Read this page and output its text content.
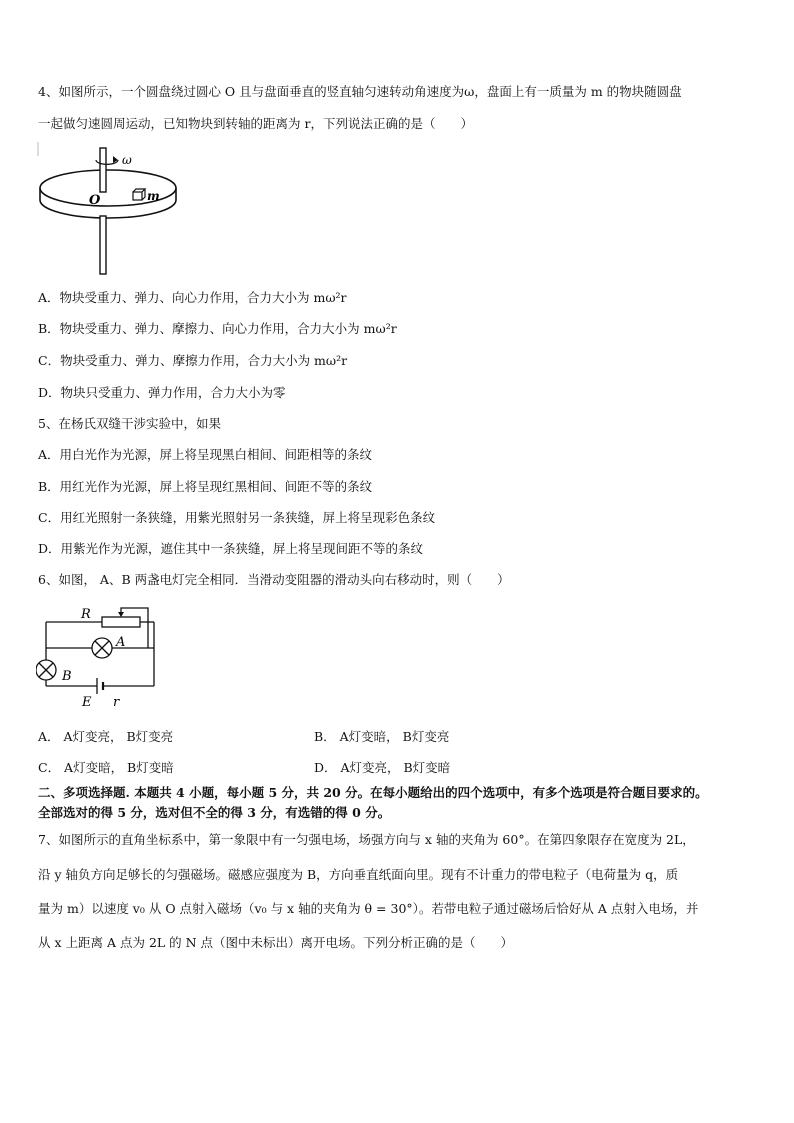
4、如图所示，一个圆盘绕过圆心 O 且与盘面垂直的竖直轴匀速转动角速度为ω，盘面上有一质量为 m 的物块随圆盘
一起做匀速圆周运动，已知物块到转轴的距离为 r，下列说法正确的是（　　）
ω
O	m
A．物块受重力、弹力、向心力作用，合力大小为 mω²r
B．物块受重力、弹力、摩擦力、向心力作用，合力大小为 mω²r
C．物块受重力、弹力、摩擦力作用，合力大小为 mω²r
D．物块只受重力、弹力作用，合力大小为零
5、在杨氏双缝干涉实验中，如果
A．用白光作为光源，屏上将呈现黑白相间、间距相等的条纹
B．用红光作为光源，屏上将呈现红黑相间、间距不等的条纹
C．用红光照射一条狭缝，用紫光照射另一条狭缝，屏上将呈现彩色条纹
D．用紫光作为光源，遮住其中一条狭缝，屏上将呈现间距不等的条纹
6、如图， A、B 两盏电灯完全相同．当滑动变阻器的滑动头向右移动时，则（　　）
R
A
B
E r
A． A灯变亮， B灯变亮	B． A灯变暗， B灯变亮
C． A灯变暗， B灯变暗	D． A灯变亮， B灯变暗
二、多项选择题. 本题共 4 小题，每小题 5 分，共 20 分。在每小题给出的四个选项中，有多个选项是符合题目要求的。
全部选对的得 5 分，选对但不全的得 3 分，有选错的得 0 分。
7、如图所示的直角坐标系中，第一象限中有一匀强电场，场强方向与 x 轴的夹角为 60°。在第四象限存在宽度为 2L，
沿 y 轴负方向足够长的匀强磁场。磁感应强度为 B，方向垂直纸面向里。现有不计重力的带电粒子（电荷量为 q，质
量为 m）以速度 v₀ 从 O 点射入磁场（v₀ 与 x 轴的夹角为 θ = 30°）。若带电粒子通过磁场后恰好从 A 点射入电场，并
从 x 上距离 A 点为 2L 的 N 点（图中未标出）离开电场。下列分析正确的是（　　）
